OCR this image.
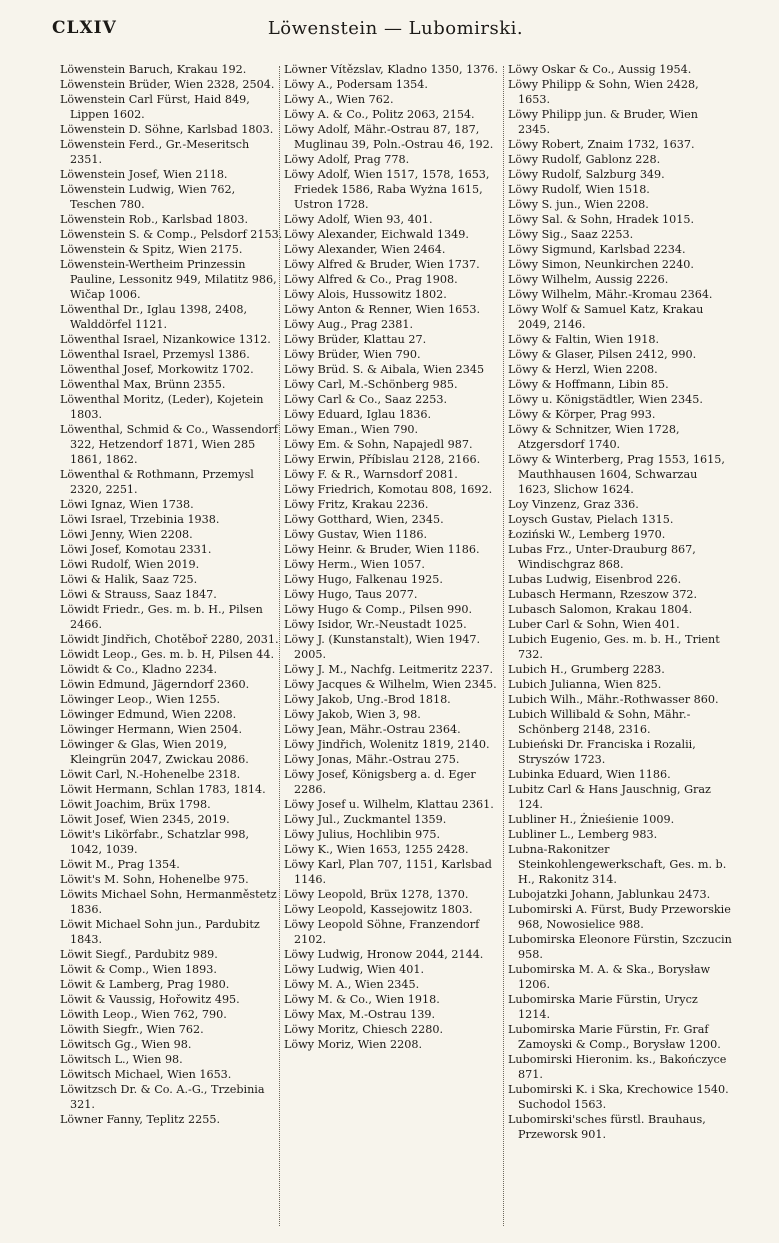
CLXIV	Löwenstein — Lubomirski.
Löwenstein Baruch, Krakau 192.
Löwenstein Brüder, Wien 2328, 2504.
Löwenstein Carl Fürst, Haid 849, Lippen 1602.
Löwenstein D. Söhne, Karlsbad 1803.
Löwenstein Ferd., Gr.-Meseritsch 2351.
Löwenstein Josef, Wien 2118.
Löwenstein Ludwig, Wien 762, Teschen 780.
Löwenstein Rob., Karlsbad 1803.
Löwenstein S. & Comp., Pelsdorf 2153.
Löwenstein & Spitz, Wien 2175.
Löwenstein-Wertheim Prinzessin Pauline, Lessonitz 949, Milatitz 986, Wičap 1006.
Löwenthal Dr., Iglau 1398, 2408, Walddörfel 1121.
Löwenthal Israel, Nizankowice 1312.
Löwenthal Israel, Przemysl 1386.
Löwenthal Josef, Morkowitz 1702.
Löwenthal Max, Brünn 2355.
Löwenthal Moritz, (Leder), Kojetein 1803.
Löwenthal, Schmid & Co., Wassendorf 322, Hetzendorf 1871, Wien 285 1861, 1862.
Löwenthal & Rothmann, Przemysl 2320, 2251.
Löwi Ignaz, Wien 1738.
Löwi Israel, Trzebinia 1938.
Löwi Jenny, Wien 2208.
Löwi Josef, Komotau 2331.
Löwi Rudolf, Wien 2019.
Löwi & Halik, Saaz 725.
Löwi & Strauss, Saaz 1847.
Löwidt Friedr., Ges. m. b. H., Pilsen 2466.
Löwidt Jindřich, Chotěboř 2280, 2031.
Löwidt Leop., Ges. m. b. H, Pilsen 44.
Löwidt & Co., Kladno 2234.
Löwin Edmund, Jägerndorf 2360.
Löwinger Leop., Wien 1255.
Löwinger Edmund, Wien 2208.
Löwinger Hermann, Wien 2504.
Löwinger & Glas, Wien 2019, Kleingrün 2047, Zwickau 2086.
Löwit Carl, N.-Hohenelbe 2318.
Löwit Hermann, Schlan 1783, 1814.
Löwit Joachim, Brüx 1798.
Löwit Josef, Wien 2345, 2019.
Löwit's Likörfabr., Schatzlar 998, 1042, 1039.
Löwit M., Prag 1354.
Löwit's M. Sohn, Hohenelbe 975.
Löwits Michael Sohn, Hermanměstetz 1836.
Löwit Michael Sohn jun., Pardubitz 1843.
Löwit Siegf., Pardubitz 989.
Löwit & Comp., Wien 1893.
Löwit & Lamberg, Prag 1980.
Löwit & Vaussig, Hořowitz 495.
Löwith Leop., Wien 762, 790.
Löwith Siegfr., Wien 762.
Löwitsch Gg., Wien 98.
Löwitsch L., Wien 98.
Löwitsch Michael, Wien 1653.
Löwitzsch Dr. & Co. A.-G., Trzebinia 321.
Löwner Fanny, Teplitz 2255.
Löwner Vítězslav, Kladno 1350, 1376.
Löwy A., Podersam 1354.
Löwy A., Wien 762.
Löwy A. & Co., Politz 2063, 2154.
Löwy Adolf, Mähr.-Ostrau 87, 187, Muglinau 39, Poln.-Ostrau 46, 192.
Löwy Adolf, Prag 778.
Löwy Adolf, Wien 1517, 1578, 1653, Friedek 1586, Raba Wyżna 1615, Ustron 1728.
Löwy Adolf, Wien 93, 401.
Löwy Alexander, Eichwald 1349.
Löwy Alexander, Wien 2464.
Löwy Alfred & Bruder, Wien 1737.
Löwy Alfred & Co., Prag 1908.
Löwy Alois, Hussowitz 1802.
Löwy Anton & Renner, Wien 1653.
Löwy Aug., Prag 2381.
Löwy Brüder, Klattau 27.
Löwy Brüder, Wien 790.
Löwy Brüd. S. & Aibala, Wien 2345
Löwy Carl, M.-Schönberg 985.
Löwy Carl & Co., Saaz 2253.
Löwy Eduard, Iglau 1836.
Löwy Eman., Wien 790.
Löwy Em. & Sohn, Napajedl 987.
Löwy Erwin, Příbislau 2128, 2166.
Löwy F. & R., Warnsdorf 2081.
Löwy Friedrich, Komotau 808, 1692.
Löwy Fritz, Krakau 2236.
Löwy Gotthard, Wien, 2345.
Löwy Gustav, Wien 1186.
Löwy Heinr. & Bruder, Wien 1186.
Löwy Herm., Wien 1057.
Löwy Hugo, Falkenau 1925.
Löwy Hugo, Taus 2077.
Löwy Hugo & Comp., Pilsen 990.
Löwy Isidor, Wr.-Neustadt 1025.
Löwy J. (Kunstanstalt), Wien 1947. 2005.
Löwy J. M., Nachfg. Leitmeritz 2237.
Löwy Jacques & Wilhelm, Wien 2345.
Löwy Jakob, Ung.-Brod 1818.
Löwy Jakob, Wien 3, 98.
Löwy Jean, Mähr.-Ostrau 2364.
Löwy Jindřich, Wolenitz 1819, 2140.
Löwy Jonas, Mähr.-Ostrau 275.
Löwy Josef, Königsberg a. d. Eger 2286.
Löwy Josef u. Wilhelm, Klattau 2361.
Löwy Jul., Zuckmantel 1359.
Löwy Julius, Hochlibin 975.
Löwy K., Wien 1653, 1255 2428.
Löwy Karl, Plan 707, 1151, Karlsbad 1146.
Löwy Leopold, Brüx 1278, 1370.
Löwy Leopold, Kassejowitz 1803.
Löwy Leopold Söhne, Franzendorf 2102.
Löwy Ludwig, Hronow 2044, 2144.
Löwy Ludwig, Wien 401.
Löwy M. A., Wien 2345.
Löwy M. & Co., Wien 1918.
Löwy Max, M.-Ostrau 139.
Löwy Moritz, Chiesch 2280.
Löwy Moriz, Wien 2208.
Löwy Oskar & Co., Aussig 1954.
Löwy Philipp & Sohn, Wien 2428, 1653.
Löwy Philipp jun. & Bruder, Wien 2345.
Löwy Robert, Znaim 1732, 1637.
Löwy Rudolf, Gablonz 228.
Löwy Rudolf, Salzburg 349.
Löwy Rudolf, Wien 1518.
Löwy S. jun., Wien 2208.
Löwy Sal. & Sohn, Hradek 1015.
Löwy Sig., Saaz 2253.
Löwy Sigmund, Karlsbad 2234.
Löwy Simon, Neunkirchen 2240.
Löwy Wilhelm, Aussig 2226.
Löwy Wilhelm, Mähr.-Kromau 2364.
Löwy Wolf & Samuel Katz, Krakau 2049, 2146.
Löwy & Faltin, Wien 1918.
Löwy & Glaser, Pilsen 2412, 990.
Löwy & Herzl, Wien 2208.
Löwy & Hoffmann, Libin 85.
Löwy u. Königstädtler, Wien 2345.
Löwy & Körper, Prag 993.
Löwy & Schnitzer, Wien 1728, Atzgersdorf 1740.
Löwy & Winterberg, Prag 1553, 1615, Mauthhausen 1604, Schwarzau 1623, Slichow 1624.
Loy Vinzenz, Graz 336.
Loysch Gustav, Pielach 1315.
Łoziński W., Lemberg 1970.
Lubas Frz., Unter-Drauburg 867, Windischgraz 868.
Lubas Ludwig, Eisenbrod 226.
Lubasch Hermann, Rzeszow 372.
Lubasch Salomon, Krakau 1804.
Luber Carl & Sohn, Wien 401.
Lubich Eugenio, Ges. m. b. H., Trient 732.
Lubich H., Grumberg 2283.
Lubich Julianna, Wien 825.
Lubich Wilh., Mähr.-Rothwasser 860.
Lubich Willibald & Sohn, Mähr.-Schönberg 2148, 2316.
Lubieński Dr. Franciska i Rozalii, Stryszów 1723.
Lubinka Eduard, Wien 1186.
Lubitz Carl & Hans Jauschnig, Graz 124.
Lubliner H., Żnieśienie 1009.
Lubliner L., Lemberg 983.
Lubna-Rakonitzer Steinkohlengewerkschaft, Ges. m. b. H., Rakonitz 314.
Lubojatzki Johann, Jablunkau 2473.
Lubomirski A. Fürst, Budy Przeworskie 968, Nowosielice 988.
Lubomirska Eleonore Fürstin, Szczucin 958.
Lubomirska M. A. & Ska., Borysław 1206.
Lubomirska Marie Fürstin, Urycz 1214.
Lubomirska Marie Fürstin, Fr. Graf Zamoyski & Comp., Borysław 1200.
Lubomirski Hieronim. ks., Bakończyce 871.
Lubomirski K. i Ska, Krechowice 1540. Suchodol 1563.
Lubomirski'sches fürstl. Brauhaus, Przeworsk 901.
